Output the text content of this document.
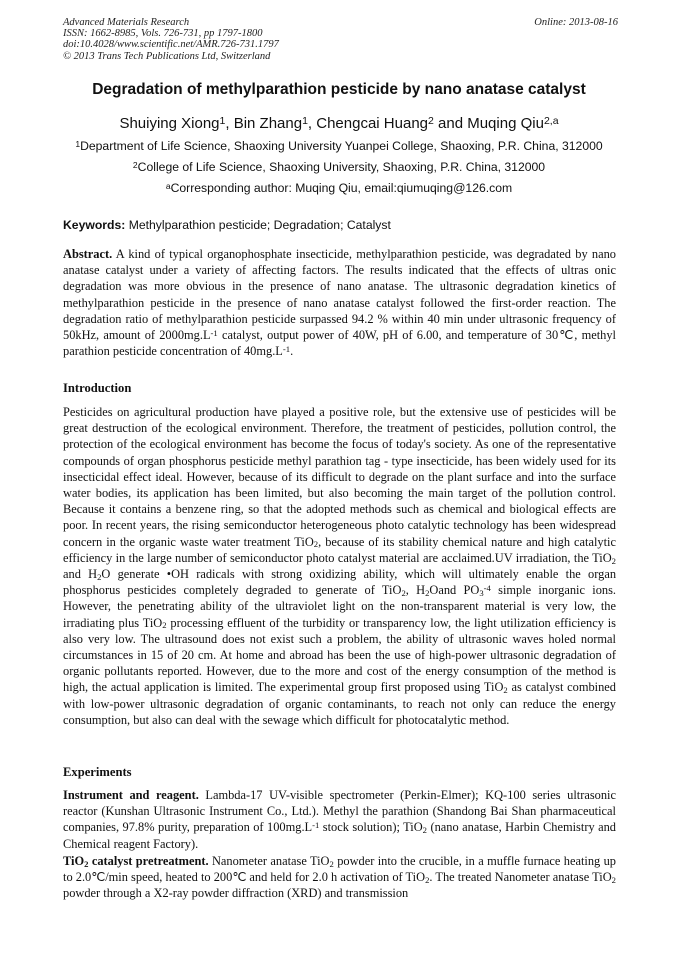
Advanced Materials Research
ISSN: 1662-8985, Vols. 726-731, pp 1797-1800
doi:10.4028/www.scientific.net/AMR.726-731.1797
© 2013 Trans Tech Publications Ltd, Switzerland
Online: 2013-08-16
Degradation of methylparathion pesticide by nano anatase catalyst
Shuiying Xiong$^1$, Bin Zhang$^1$, Chengcai Huang$^2$ and Muqing Qiu$^{2,a}$
$^1$Department of Life Science, Shaoxing University Yuanpei College, Shaoxing, P.R. China, 312000
$^2$College of Life Science, Shaoxing University, Shaoxing, P.R. China, 312000
$^a$Corresponding author: Muqing Qiu, email:qiumuqing@126.com
Keywords: Methylparathion pesticide; Degradation; Catalyst
Abstract. A kind of typical organophosphate insecticide, methylparathion pesticide, was degradated by nano anatase catalyst under a variety of affecting factors. The results indicated that the effects of ultras onic degradation was more obvious in the presence of nano anatase. The ultrasonic degradation kinetics of methylparathion pesticide in the presence of nano anatase catalyst followed the first-order reaction. The degradation ratio of methylparathion pesticide surpassed 94.2 % within 40 min under ultrasonic frequency of 50kHz, amount of $2000mg.L^{-1}$ catalyst, output power of 40W, pH of 6.00, and temperature of 30℃, methyl parathion pesticide concentration of $40mg.L^{-1}$.
Introduction
Pesticides on agricultural production have played a positive role, but the extensive use of pesticides will be great destruction of the ecological environment. Therefore, the treatment of pesticides, pollution control, the protection of the ecological environment has become the focus of today's society. As one of the representative compounds of organ phosphorus pesticide methyl parathion tag - type insecticide, has been widely used for its insecticidal effect ideal. However, because of its difficult to degrade on the plant surface and into the surface water bodies, its application has been limited, but also becoming the main target of the pollution control. Because it contains a benzene ring, so that the adopted methods such as chemical and biological effects are poor. In recent years, the rising semiconductor heterogeneous photo catalytic technology has been widespread concern in the organic waste water treatment TiO$_2$, because of its stability chemical nature and high catalytic efficiency in the large number of semiconductor photo catalyst material are acclaimed.UV irradiation, the TiO$_2$ and $H_2O$ generate •OH radicals with strong oxidizing ability, which will ultimately enable the organ phosphorus pesticides completely degraded to generate of TiO$_2$, $H_2Oand$ $PO_3^{-4}$ simple inorganic ions. However, the penetrating ability of the ultraviolet light on the non-transparent material is very low, the irradiating plus TiO$_2$ processing effluent of the turbidity or transparency low, the light utilization efficiency is also very low. The ultrasound does not exist such a problem, the ability of ultrasonic waves holed normal circumstances in 15 of 20 cm. At home and abroad has been the use of high-power ultrasonic degradation of organic pollutants reported. However, due to the more and cost of the energy consumption of the method is high, the actual application is limited. The experimental group first proposed using TiO$_2$ as catalyst combined with low-power ultrasonic degradation of organic contaminants, to reach not only can reduce the energy consumption, but also can deal with the sewage which difficult for photocatalytic method.
Experiments
Instrument and reagent. Lambda-17 UV-visible spectrometer (Perkin-Elmer); KQ-100 series ultrasonic reactor (Kunshan Ultrasonic Instrument Co., Ltd.). Methyl the parathion (Shandong Bai Shan pharmaceutical companies, 97.8% purity, preparation of $100mg.L^{-1}$ stock solution); TiO$_2$ (nano anatase, Harbin Chemistry and Chemical reagent Factory).
TiO$_2$ catalyst pretreatment. Nanometer anatase TiO$_2$ powder into the crucible, in a muffle furnace heating up to 2.0℃/min speed, heated to 200℃ and held for 2.0 h activation of TiO$_2$. The treated Nanometer anatase TiO$_2$ powder through a X2-ray powder diffraction (XRD) and transmission
